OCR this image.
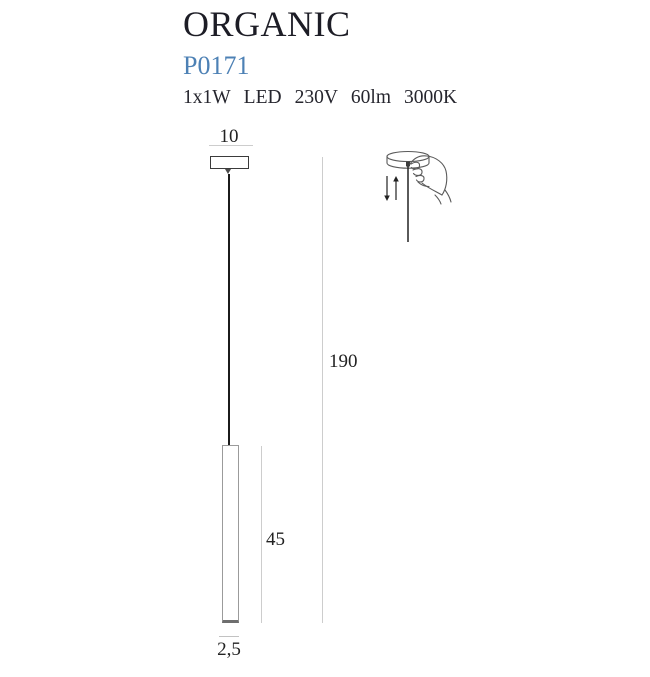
ORGANIC
P0171
1x1W LED 230V 60lm 3000K
10
45
190
2,5
